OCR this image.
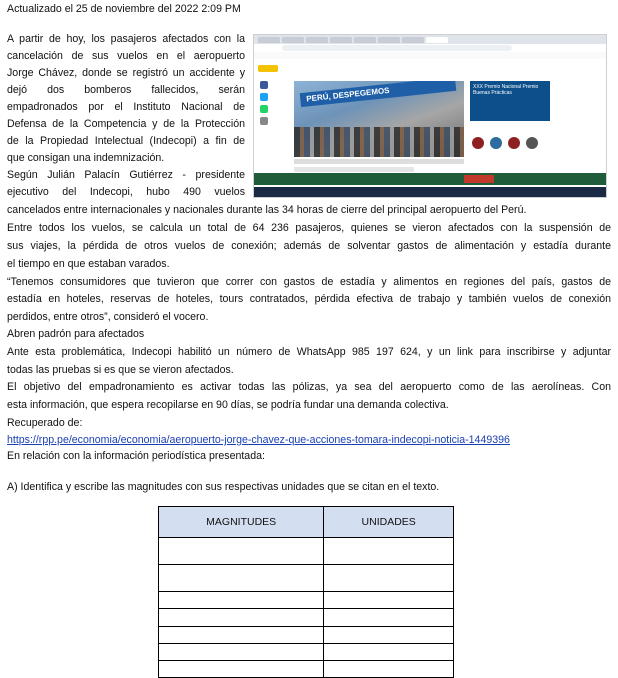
Actualizado el 25 de noviembre del 2022 2:09 PM
A partir de hoy, los pasajeros afectados con la
cancelación de sus vuelos en el aeropuerto
Jorge Chávez, donde se registró un accidente y
dejó dos bomberos fallecidos, serán
empadronados por el Instituto Nacional de
Defensa de la Competencia y de la Protección
de la Propiedad Intelectual (Indecopi) a fin de
que consigan una indemnización.
Según Julián Palacín Gutiérrez - presidente
ejecutivo del Indecopi, hubo 490 vuelos
cancelados entre internacionales y nacionales durante las 34 horas de cierre del principal aeropuerto del Perú.
PERÚ, DESPEGEMOS	XXX Premio Nacional Premio Buenas Prácticas
Entre todos los vuelos, se calcula un total de 64 236 pasajeros, quienes se vieron afectados con la suspensión de
sus viajes, la pérdida de otros vuelos de conexión; además de solventar gastos de alimentación y estadía durante
el tiempo en que estaban varados.
“Tenemos consumidores que tuvieron que correr con gastos de estadía y alimentos en regiones del país, gastos de
estadía en hoteles, reservas de hoteles, tours contratados, pérdida efectiva de trabajo y también vuelos de conexión
perdidos, entre otros”, consideró el vocero.
Abren padrón para afectados
Ante esta problemática, Indecopi habilitó un número de WhatsApp 985 197 624, y un link para inscribirse y adjuntar
todas las pruebas si es que se vieron afectados.
El objetivo del empadronamiento es activar todas las pólizas, ya sea del aeropuerto como de las aerolíneas. Con
esta información, que espera recopilarse en 90 días, se podría fundar una demanda colectiva.
Recuperado de:
https://rpp.pe/economia/economia/aeropuerto-jorge-chavez-que-acciones-tomara-indecopi-noticia-1449396
En relación con la información periodística presentada:
A) Identifica y escribe las magnitudes con sus respectivas unidades que se citan en el texto.
MAGNITUDES	UNIDADES
